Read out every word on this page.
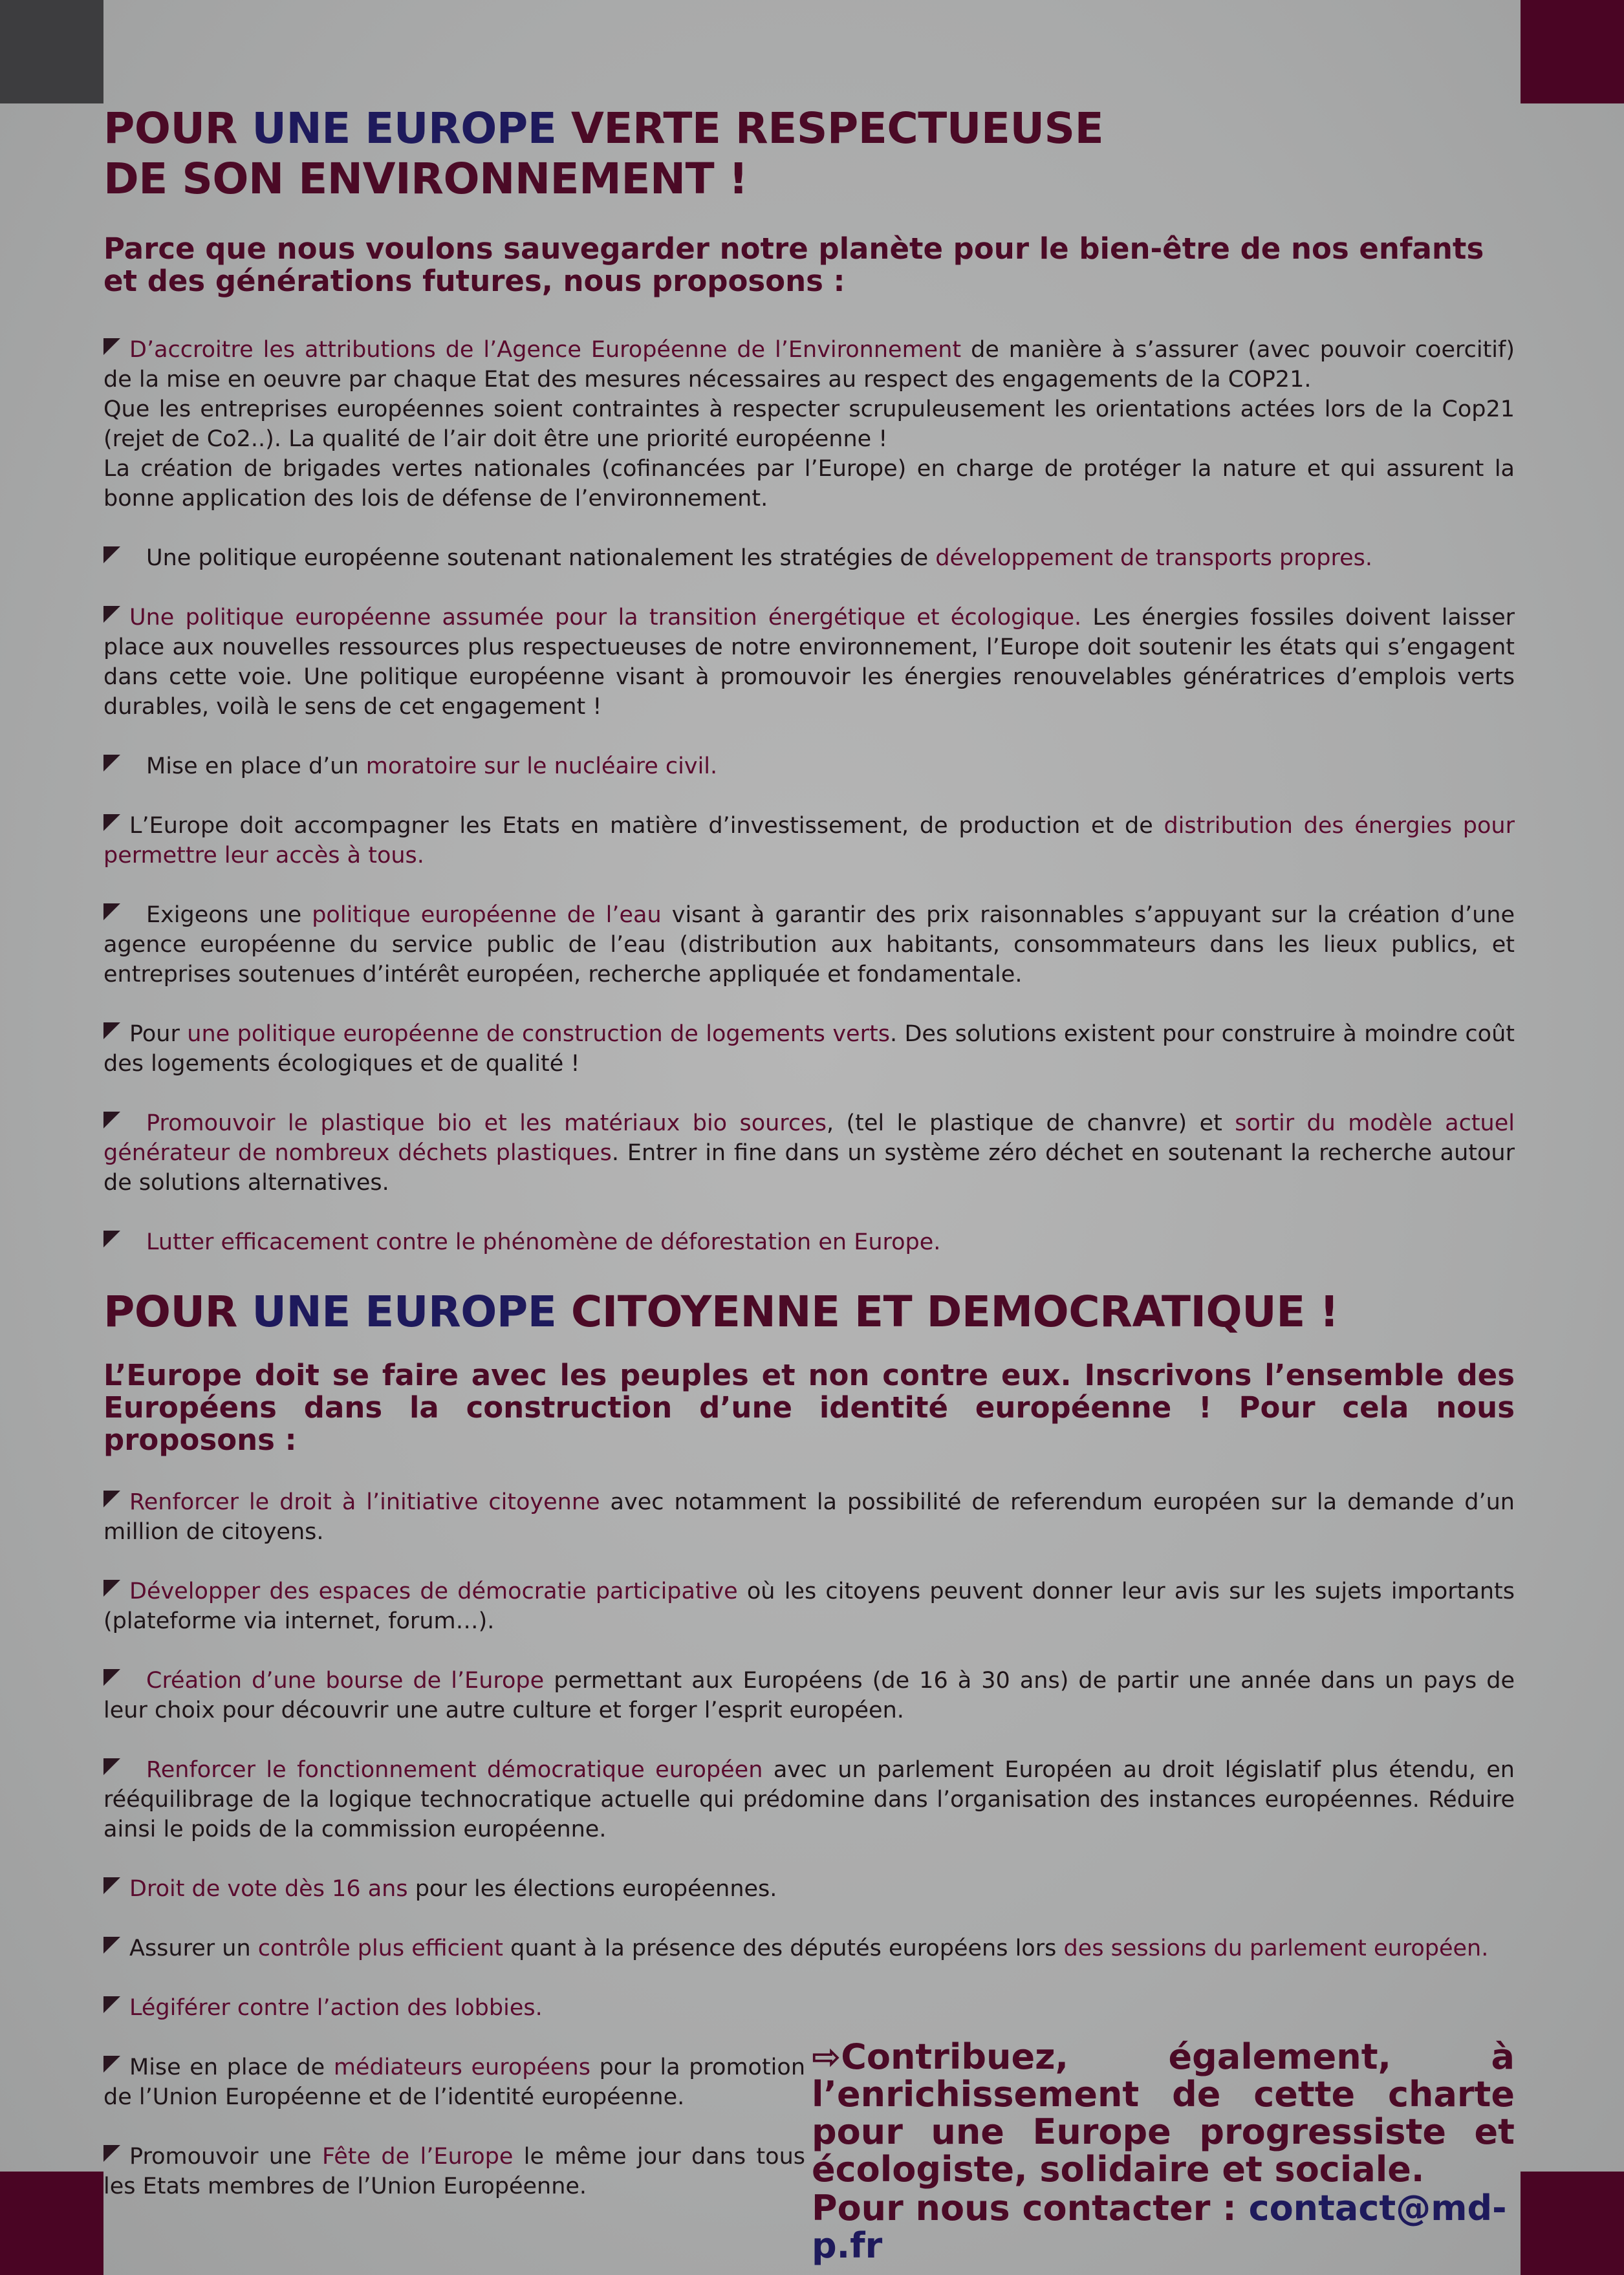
POUR UNE EUROPE VERTE RESPECTUEUSE
DE SON ENVIRONNEMENT !
Parce que nous voulons sauvegarder notre planète pour le bien-être de nos enfants et des générations futures, nous proposons :

D’accroitre les attributions de l’Agence Européenne de l’Environnement de manière à s’assurer (avec pouvoir coercitif) de la mise en oeuvre par chaque Etat des mesures nécessaires au respect des engagements de la COP21.

Que les entreprises européennes soient contraintes à respecter scrupuleusement les orientations actées lors de la Cop21 (rejet de Co2..). La qualité de l’air doit être une priorité européenne !

La création de brigades vertes nationales (cofinancées par l’Europe) en charge de protéger la nature et qui assurent la bonne application des lois de défense de l’environnement.

Une politique européenne soutenant nationalement les stratégies de développement de transports propres.
Une politique européenne assumée pour la transition énergétique et écologique. Les énergies fossiles doivent laisser place aux nouvelles ressources plus respectueuses de notre environnement, l’Europe doit soutenir les états qui s’engagent dans cette voie. Une politique européenne visant à promouvoir les énergies renouvelables génératrices d’emplois verts durables, voilà le sens de cet engagement !
Mise en place d’un moratoire sur le nucléaire civil.
L’Europe doit accompagner les Etats en matière d’investissement, de production et de distribution des énergies pour permettre leur accès à tous.
Exigeons une politique européenne de l’eau visant à garantir des prix raisonnables s’appuyant sur la création d’une agence européenne du service public de l’eau (distribution aux habitants, consommateurs dans les lieux publics, et entreprises soutenues d’intérêt européen, recherche appliquée et fondamentale.
Pour une politique européenne de construction de logements verts. Des solutions existent pour construire à moindre coût des logements écologiques et de qualité !
Promouvoir le plastique bio et les matériaux bio sources, (tel le plastique de chanvre) et sortir du modèle actuel générateur de nombreux déchets plastiques. Entrer in fine dans un système zéro déchet en soutenant la recherche autour de solutions alternatives.
Lutter efficacement contre le phénomène de déforestation en Europe.
POUR UNE EUROPE CITOYENNE ET DEMOCRATIQUE !
L’Europe doit se faire avec les peuples et non contre eux. Inscrivons l’ensemble des Européens dans la construction d’une identité européenne ! Pour cela nous proposons :
Renforcer le droit à l’initiative citoyenne avec notamment la possibilité de referendum européen sur la demande d’un million de citoyens.
Développer des espaces de démocratie participative où les citoyens peuvent donner leur avis sur les sujets importants (plateforme via internet, forum…).
Création d’une bourse de l’Europe permettant aux Européens (de 16 à 30 ans) de partir une année dans un pays de leur choix pour découvrir une autre culture et forger l’esprit européen.
Renforcer le fonctionnement démocratique européen avec un parlement Européen au droit législatif plus étendu, en rééquilibrage de la logique technocratique actuelle qui prédomine dans l’organisation des instances européennes. Réduire ainsi le poids de la commission européenne.
Droit de vote dès 16 ans pour les élections européennes.
Assurer un contrôle plus efficient quant à la présence des députés européens lors des sessions du parlement européen.
Légiférer contre l’action des lobbies.
Mise en place de médiateurs européens pour la promotion de l’Union Européenne et de l’identité européenne.
Promouvoir une Fête de l’Europe le même jour dans tous les Etats membres de l’Union Européenne.
⇨Contribuez, également, à l’enrichissement de cette charte pour une Europe progressiste et écologiste, solidaire et sociale.
Pour nous contacter : contact@md-p.fr
